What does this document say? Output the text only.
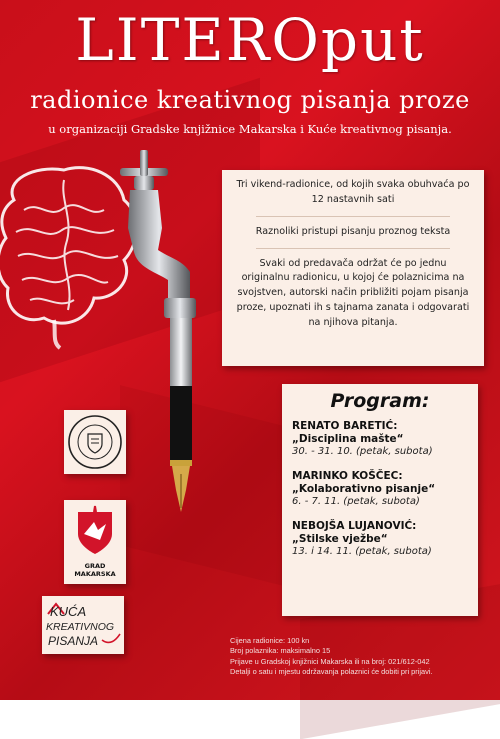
LITEROput
radionice kreativnog pisanja proze
u organizaciji Gradske knjižnice Makarska i Kuće kreativnog pisanja.

Tri vikend-radionice, od kojih svaka obuhvaća po 12 nastavnih sati

Raznoliki pristupi pisanju proznog teksta

Svaki od predavača održat će po jednu originalnu radionicu, u kojoj će polaznicima na svojstven, autorski način približiti pojam pisanja proze, upoznati ih s tajnama zanata i odgovarati na njihova pitanja.

Program:
RENATO BARETIĆ:
„Disciplina mašte“
30. - 31. 10. (petak, subota)
MARINKO KOŠČEC:
„Kolaborativno pisanje“
6. - 7. 11. (petak, subota)
NEBOJŠA LUJANOVIĆ:
„Stilske vježbe“
13. i 14. 11. (petak, subota)
GRAD MAKARSKA
KUĆA
KREATIVNOG
PISANJA	Cijena radionice: 100 kn
Broj polaznika: maksimalno 15
Prijave u Gradskoj knjižnici Makarska ili na broj: 021/612-042
Detalji o satu i mjestu održavanja polaznici će dobiti pri prijavi.
